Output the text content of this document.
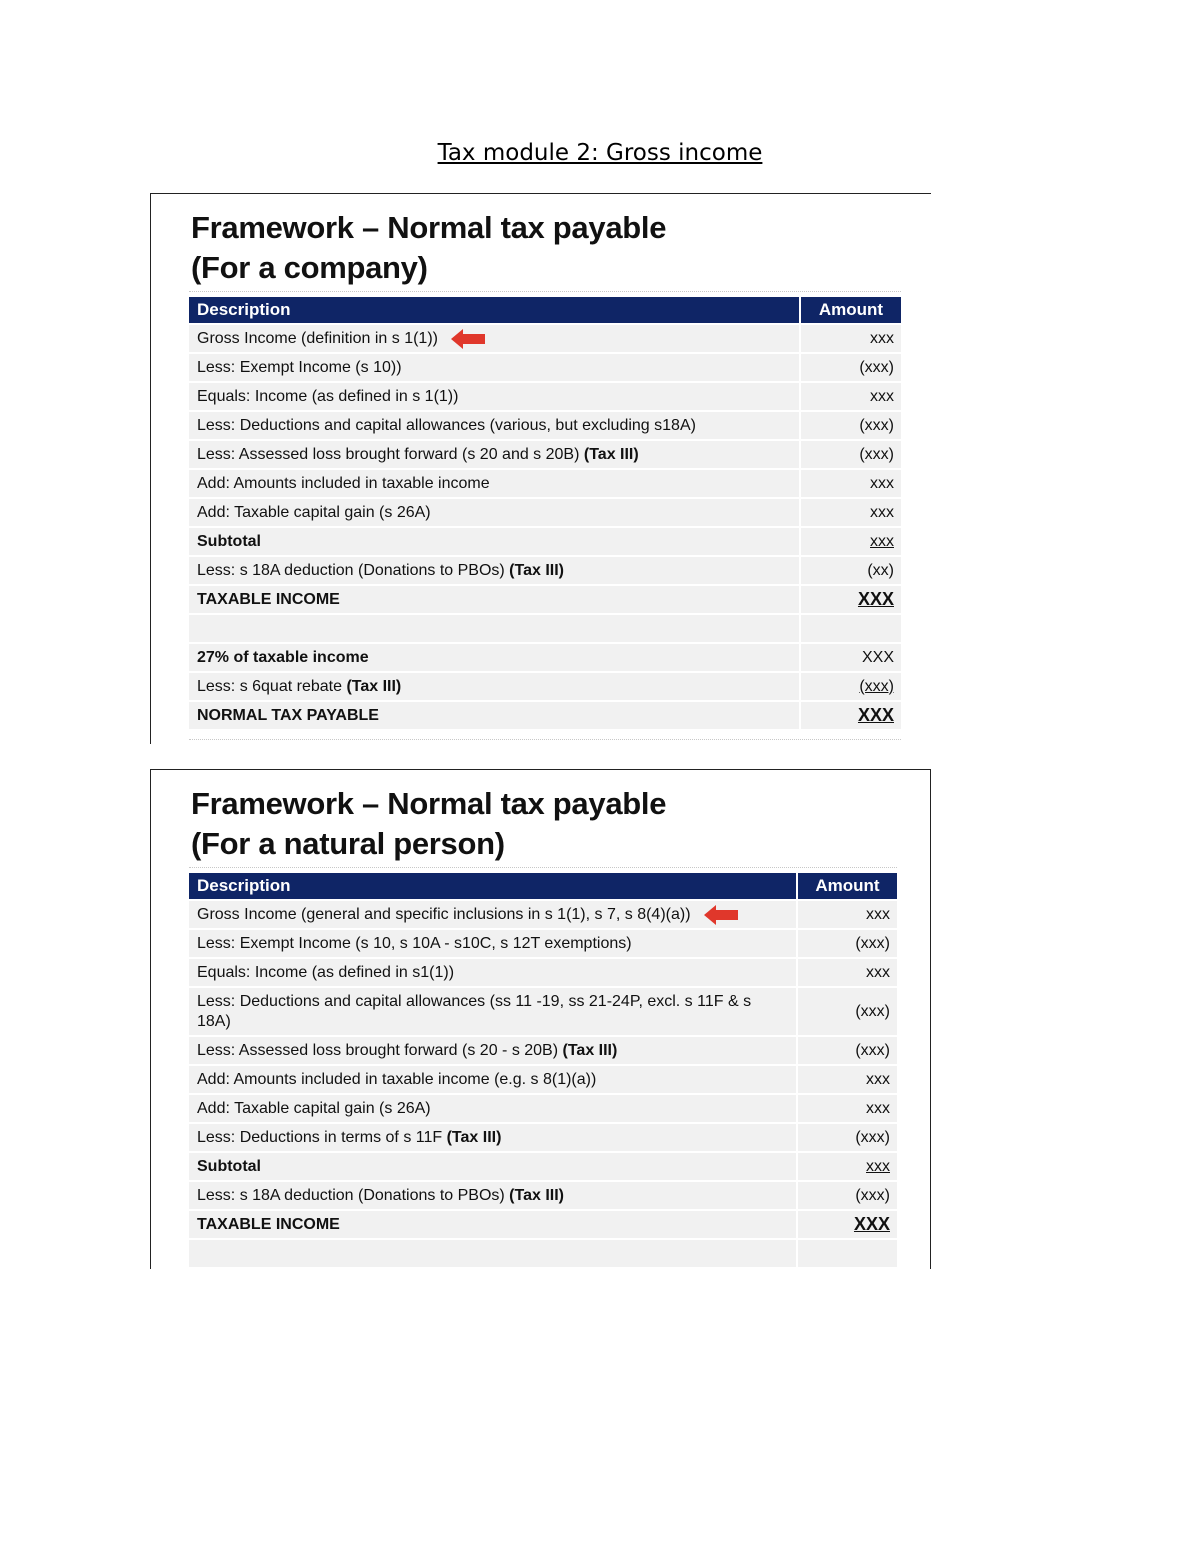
Tax module 2: Gross income
Framework – Normal tax payable
(For a company)
Description	Amount
Gross Income (definition in s 1(1))	xxx
Less: Exempt Income (s 10))	(xxx)
Equals: Income (as defined in s 1(1))	xxx
Less: Deductions and capital allowances (various, but excluding s18A)	(xxx)
Less: Assessed loss brought forward (s 20 and s 20B) (Tax III)	(xxx)
Add: Amounts included in taxable income	xxx
Add: Taxable capital gain (s 26A)	xxx
Subtotal	xxx
Less: s 18A deduction (Donations to PBOs) (Tax III)	(xx)
TAXABLE INCOME	XXX

27% of taxable income	XXX
Less: s 6quat rebate (Tax III)	(xxx)
NORMAL TAX PAYABLE	XXX
Framework – Normal tax payable
(For a natural person)
Description	Amount
Gross Income (general and specific inclusions in s 1(1), s 7, s 8(4)(a))	xxx
Less: Exempt Income (s 10, s 10A - s10C, s 12T exemptions)	(xxx)
Equals: Income (as defined in s1(1))	xxx
Less: Deductions and capital allowances (ss 11 -19, ss 21-24P, excl. s 11F & s 18A)	(xxx)
Less: Assessed loss brought forward (s 20 - s 20B) (Tax III)	(xxx)
Add: Amounts included in taxable income (e.g. s 8(1)(a))	xxx
Add: Taxable capital gain (s 26A)	xxx
Less: Deductions in terms of s 11F (Tax III)	(xxx)
Subtotal	xxx
Less: s 18A deduction (Donations to PBOs) (Tax III)	(xxx)
TAXABLE INCOME	XXX
